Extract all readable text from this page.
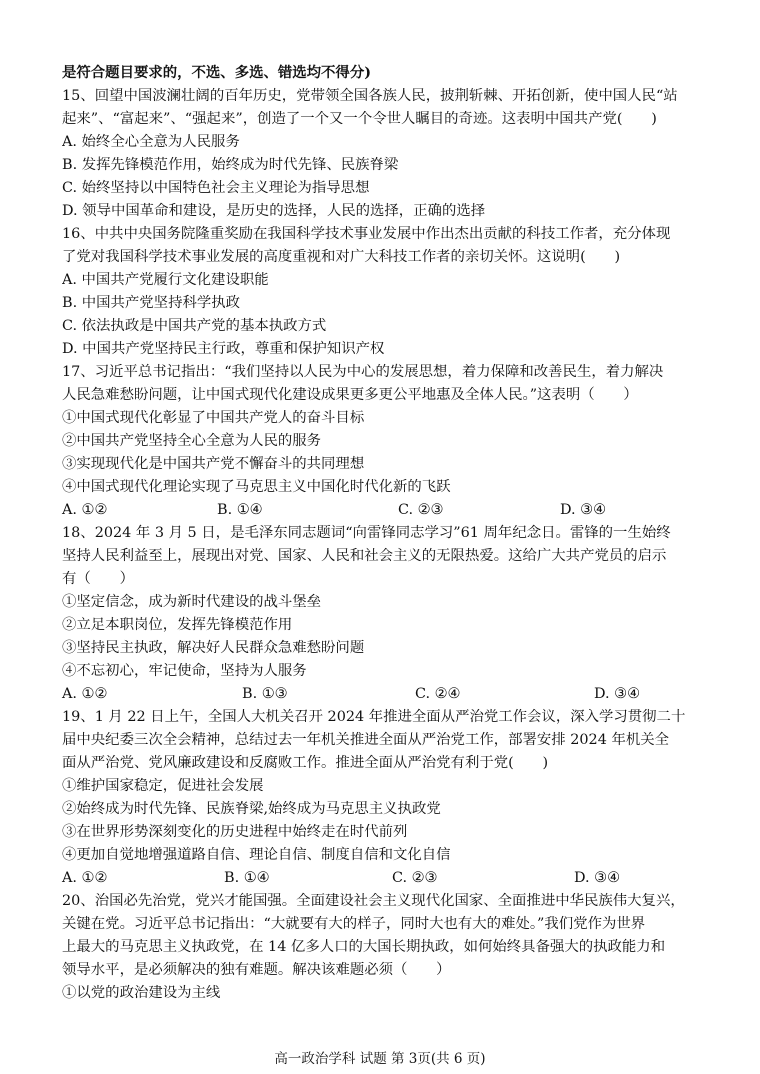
是符合题目要求的，不选、多选、错选均不得分)
15、回望中国波澜壮阔的百年历史，党带领全国各族人民，披荆斩棘、开拓创新，使中国人民“站
起来”、“富起来”、“强起来”，创造了一个又一个令世人瞩目的奇迹。这表明中国共产党(　　)
A. 始终全心全意为人民服务
B. 发挥先锋模范作用，始终成为时代先锋、民族脊梁
C. 始终坚持以中国特色社会主义理论为指导思想
D. 领导中国革命和建设，是历史的选择，人民的选择，正确的选择
16、中共中央国务院隆重奖励在我国科学技术事业发展中作出杰出贡献的科技工作者，充分体现
了党对我国科学技术事业发展的高度重视和对广大科技工作者的亲切关怀。这说明(　　)
A. 中国共产党履行文化建设职能
B. 中国共产党坚持科学执政
C. 依法执政是中国共产党的基本执政方式
D. 中国共产党坚持民主行政，尊重和保护知识产权
17、习近平总书记指出：“我们坚持以人民为中心的发展思想，着力保障和改善民生，着力解决
人民急难愁盼问题，让中国式现代化建设成果更多更公平地惠及全体人民。”这表明（　　）
①中国式现代化彰显了中国共产党人的奋斗目标
②中国共产党坚持全心全意为人民的服务
③实现现代化是中国共产党不懈奋斗的共同理想
④中国式现代化理论实现了马克思主义中国化时代化新的飞跃
A. ①②	B. ①④	C. ②③	D. ③④
18、2024 年 3 月 5 日，是毛泽东同志题词“向雷锋同志学习”61 周年纪念日。雷锋的一生始终
坚持人民利益至上，展现出对党、国家、人民和社会主义的无限热爱。这给广大共产党员的启示
有（　　）
①坚定信念，成为新时代建设的战斗堡垒
②立足本职岗位，发挥先锋模范作用
③坚持民主执政，解决好人民群众急难愁盼问题
④不忘初心，牢记使命，坚持为人服务
A. ①②	B. ①③	C. ②④	D. ③④
19、1 月 22 日上午，全国人大机关召开 2024 年推进全面从严治党工作会议，深入学习贯彻二十
届中央纪委三次全会精神，总结过去一年机关推进全面从严治党工作，部署安排 2024 年机关全
面从严治党、党风廉政建设和反腐败工作。推进全面从严治党有利于党(　　)
①维护国家稳定，促进社会发展
②始终成为时代先锋、民族脊梁,始终成为马克思主义执政党
③在世界形势深刻变化的历史进程中始终走在时代前列
④更加自觉地增强道路自信、理论自信、制度自信和文化自信
A. ①②	B. ①④	C. ②③	D. ③④
20、治国必先治党，党兴才能国强。全面建设社会主义现代化国家、全面推进中华民族伟大复兴，
关键在党。习近平总书记指出：“大就要有大的样子，同时大也有大的难处。”我们党作为世界
上最大的马克思主义执政党，在 14 亿多人口的大国长期执政，如何始终具备强大的执政能力和
领导水平，是必须解决的独有难题。解决该难题必须（　　）
①以党的政治建设为主线
高一政治学科 试题 第 3页(共 6 页)
